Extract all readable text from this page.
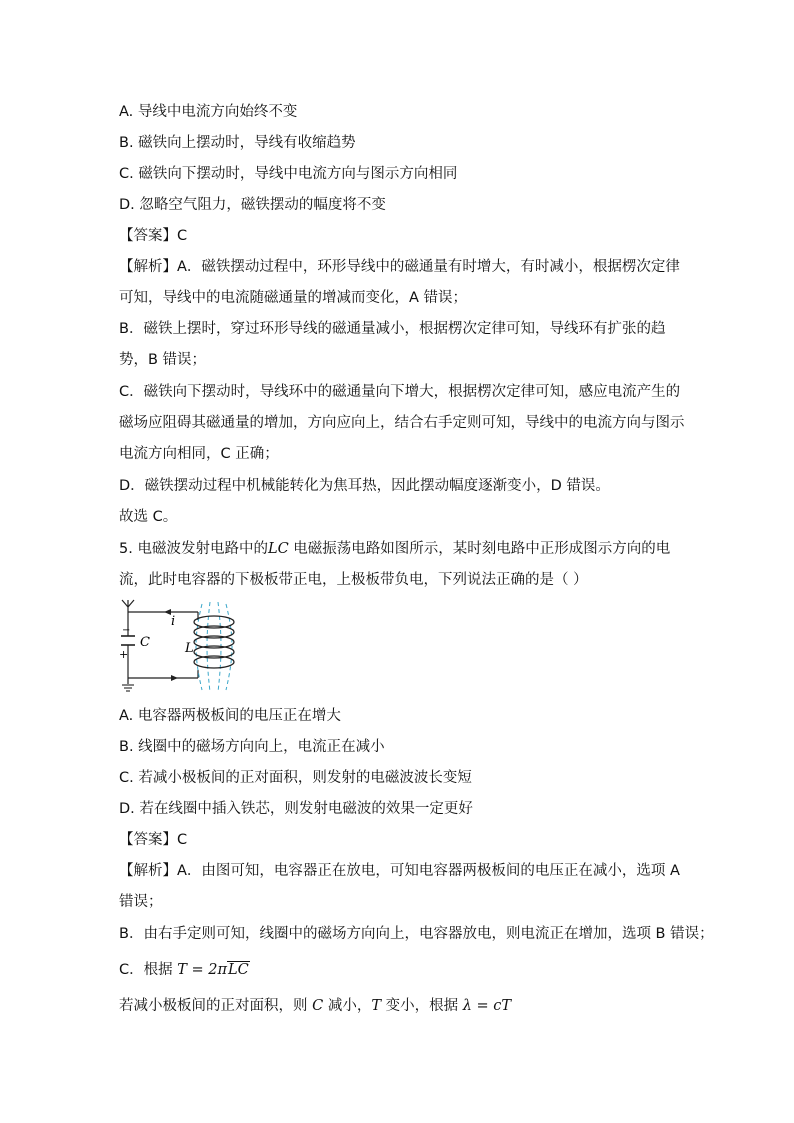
A. 导线中电流方向始终不变
B. 磁铁向上摆动时，导线有收缩趋势
C. 磁铁向下摆动时，导线中电流方向与图示方向相同
D. 忽略空气阻力，磁铁摆动的幅度将不变
【答案】C
【解析】A．磁铁摆动过程中，环形导线中的磁通量有时增大，有时减小，根据楞次定律
可知，导线中的电流随磁通量的增减而变化，A 错误；
B．磁铁上摆时，穿过环形导线的磁通量减小，根据楞次定律可知，导线环有扩张的趋
势，B 错误；
C．磁铁向下摆动时，导线环中的磁通量向下增大，根据楞次定律可知，感应电流产生的
磁场应阻碍其磁通量的增加，方向应向上，结合右手定则可知，导线中的电流方向与图示
电流方向相同，C 正确；
D．磁铁摆动过程中机械能转化为焦耳热，因此摆动幅度逐渐变小，D 错误。
故选 C。
5. 电磁波发射电路中的LC 电磁振荡电路如图所示，某时刻电路中正形成图示方向的电
流，此时电容器的下极板带正电，上极板带负电，下列说法正确的是（ ）
−
+
C
i
L
A. 电容器两极板间的电压正在增大
B. 线圈中的磁场方向向上，电流正在减小
C. 若减小极板间的正对面积，则发射的电磁波波长变短
D. 若在线圈中插入铁芯，则发射电磁波的效果一定更好
【答案】C
【解析】A．由图可知，电容器正在放电，可知电容器两极板间的电压正在减小，选项 A
错误；
B．由右手定则可知，线圈中的磁场方向向上，电容器放电，则电流正在增加，选项 B 错误；
C．根据 T = 2πLC
若减小极板间的正对面积，则 C 减小，T 变小，根据 λ = cT
